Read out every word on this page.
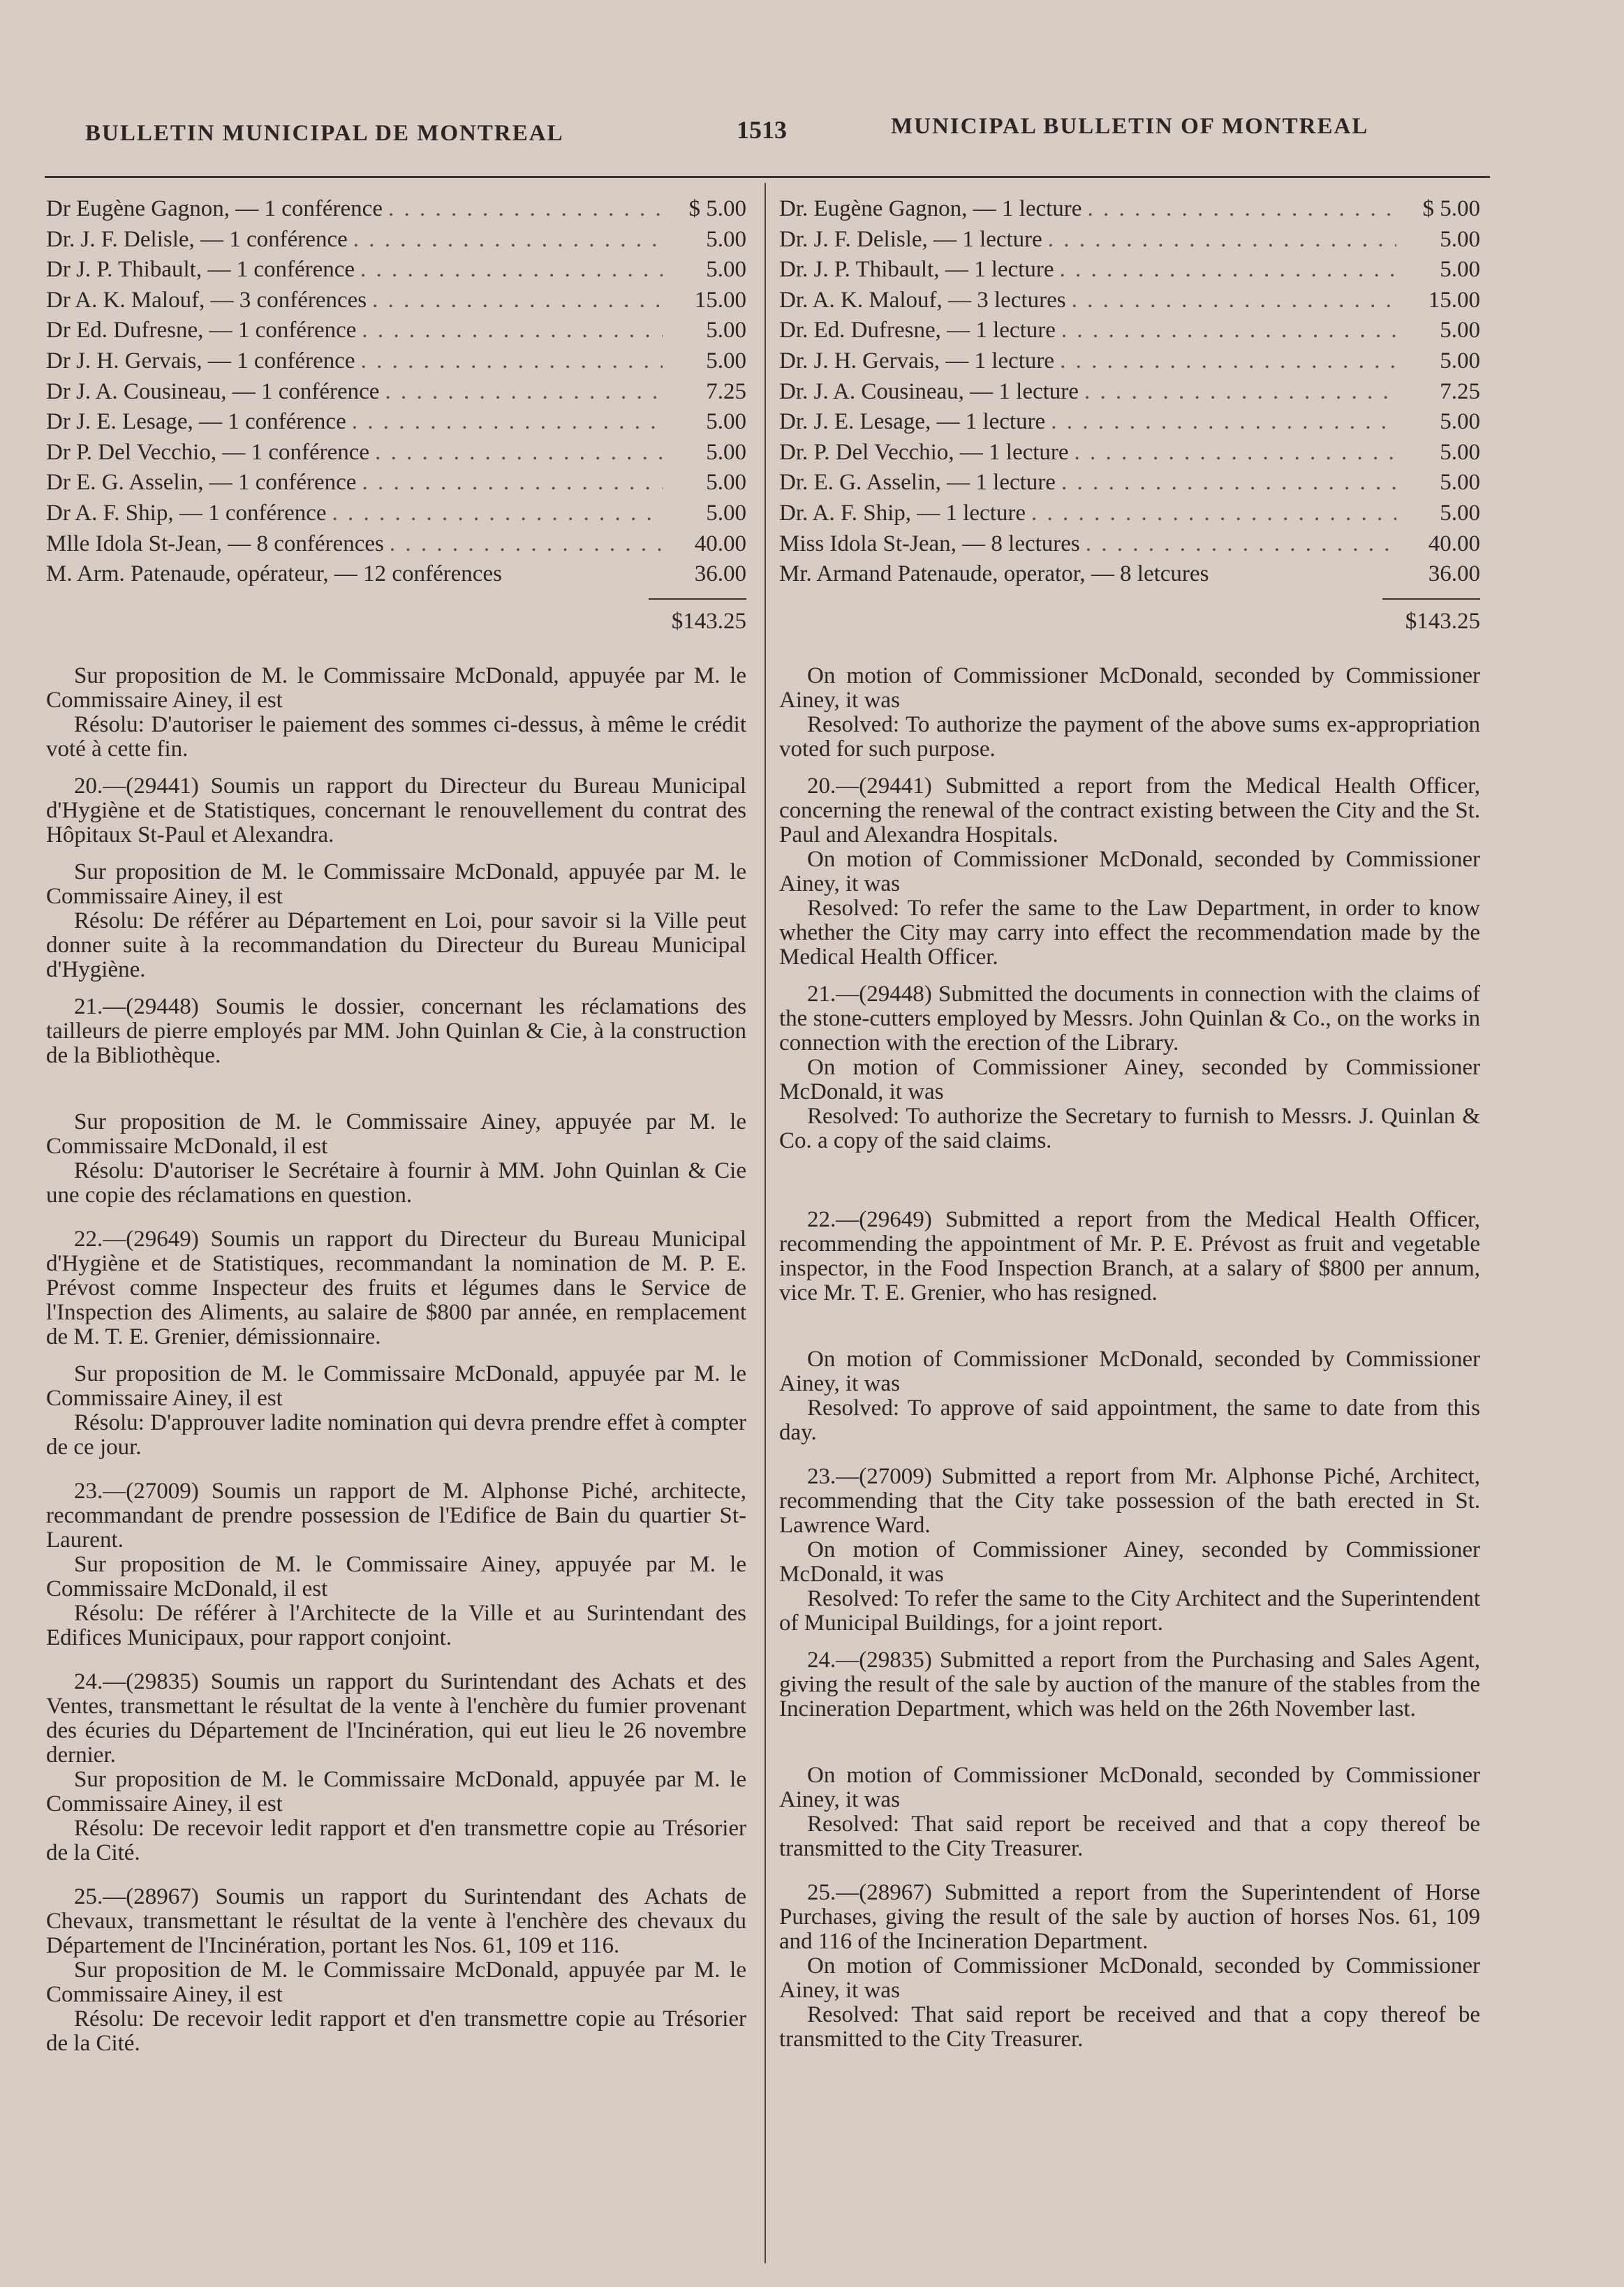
BULLETIN MUNICIPAL DE MONTREAL	1513	MUNICIPAL BULLETIN OF MONTREAL
Dr Eugène Gagnon, — 1 conférence . . .	$ 5.00
Dr. J. F. Delisle, — 1 conférence . . .	5.00
Dr J. P. Thibault, — 1 conférence . . .	5.00
Dr A. K. Malouf, — 3 conférences . . .	15.00
Dr Ed. Dufresne, — 1 conférence . . .	5.00
Dr J. H. Gervais, — 1 conférence . . .	5.00
Dr J. A. Cousineau, — 1 conférence . . .	7.25
Dr J. E. Lesage, — 1 conférence . . .	5.00
Dr P. Del Vecchio, — 1 conférence . . .	5.00
Dr E. G. Asselin, — 1 conférence . . .	5.00
Dr A. F. Ship, — 1 conférence . . .	5.00
Mlle Idola St-Jean, — 8 conférences . . .	40.00
M. Arm. Patenaude, opérateur, — 12 conférences	36.00
$143.25

Sur proposition de M. le Commissaire McDonald, appuyée par M. le Commissaire Ainey, il est

Résolu: D'autoriser le paiement des sommes ci-dessus, à même le crédit voté à cette fin.

20.—(29441) Soumis un rapport du Directeur du Bureau Municipal d'Hygiène et de Statistiques, concernant le renouvellement du contrat des Hôpitaux St-Paul et Alexandra.

Sur proposition de M. le Commissaire McDonald, appuyée par M. le Commissaire Ainey, il est

Résolu: De référer au Département en Loi, pour savoir si la Ville peut donner suite à la recommandation du Directeur du Bureau Municipal d'Hygiène.

21.—(29448) Soumis le dossier, concernant les réclamations des tailleurs de pierre employés par MM. John Quinlan & Cie, à la construction de la Bibliothèque.

Sur proposition de M. le Commissaire Ainey, appuyée par M. le Commissaire McDonald, il est

Résolu: D'autoriser le Secrétaire à fournir à MM. John Quinlan & Cie une copie des réclamations en question.

22.—(29649) Soumis un rapport du Directeur du Bureau Municipal d'Hygiène et de Statistiques, recommandant la nomination de M. P. E. Prévost comme Inspecteur des fruits et légumes dans le Service de l'Inspection des Aliments, au salaire de $800 par année, en remplacement de M. T. E. Grenier, démissionnaire.

Sur proposition de M. le Commissaire McDonald, appuyée par M. le Commissaire Ainey, il est

Résolu: D'approuver ladite nomination qui devra prendre effet à compter de ce jour.

23.—(27009) Soumis un rapport de M. Alphonse Piché, architecte, recommandant de prendre possession de l'Edifice de Bain du quartier St-Laurent.

Sur proposition de M. le Commissaire Ainey, appuyée par M. le Commissaire McDonald, il est

Résolu: De référer à l'Architecte de la Ville et au Surintendant des Edifices Municipaux, pour rapport conjoint.

24.—(29835) Soumis un rapport du Surintendant des Achats et des Ventes, transmettant le résultat de la vente à l'enchère du fumier provenant des écuries du Département de l'Incinération, qui eut lieu le 26 novembre dernier.

Sur proposition de M. le Commissaire McDonald, appuyée par M. le Commissaire Ainey, il est

Résolu: De recevoir ledit rapport et d'en transmettre copie au Trésorier de la Cité.

25.—(28967) Soumis un rapport du Surintendant des Achats de Chevaux, transmettant le résultat de la vente à l'enchère des chevaux du Département de l'Incinération, portant les Nos. 61, 109 et 116.

Sur proposition de M. le Commissaire McDonald, appuyée par M. le Commissaire Ainey, il est

Résolu: De recevoir ledit rapport et d'en transmettre copie au Trésorier de la Cité.

Dr. Eugène Gagnon, — 1 lecture . . .	$ 5.00
Dr. J. F. Delisle, — 1 lecture . . .	5.00
Dr. J. P. Thibault, — 1 lecture . . .	5.00
Dr. A. K. Malouf, — 3 lectures . . .	15.00
Dr. Ed. Dufresne, — 1 lecture . . .	5.00
Dr. J. H. Gervais, — 1 lecture . . .	5.00
Dr. J. A. Cousineau, — 1 lecture . . .	7.25
Dr. J. E. Lesage, — 1 lecture . . .	5.00
Dr. P. Del Vecchio, — 1 lecture . . .	5.00
Dr. E. G. Asselin, — 1 lecture . . .	5.00
Dr. A. F. Ship, — 1 lecture . . .	5.00
Miss Idola St-Jean, — 8 lectures . . .	40.00
Mr. Armand Patenaude, operator, — 8 letcures	36.00
$143.25

On motion of Commissioner McDonald, seconded by Commissioner Ainey, it was

Resolved: To authorize the payment of the above sums ex-appropriation voted for such purpose.

20.—(29441) Submitted a report from the Medical Health Officer, concerning the renewal of the contract existing between the City and the St. Paul and Alexandra Hospitals.

On motion of Commissioner McDonald, seconded by Commissioner Ainey, it was

Resolved: To refer the same to the Law Department, in order to know whether the City may carry into effect the recommendation made by the Medical Health Officer.

21.—(29448) Submitted the documents in connection with the claims of the stone-cutters employed by Messrs. John Quinlan & Co., on the works in connection with the erection of the Library.

On motion of Commissioner Ainey, seconded by Commissioner McDonald, it was

Resolved: To authorize the Secretary to furnish to Messrs. J. Quinlan & Co. a copy of the said claims.

22.—(29649) Submitted a report from the Medical Health Officer, recommending the appointment of Mr. P. E. Prévost as fruit and vegetable inspector, in the Food Inspection Branch, at a salary of $800 per annum, vice Mr. T. E. Grenier, who has resigned.

On motion of Commissioner McDonald, seconded by Commissioner Ainey, it was

Resolved: To approve of said appointment, the same to date from this day.

23.—(27009) Submitted a report from Mr. Alphonse Piché, Architect, recommending that the City take possession of the bath erected in St. Lawrence Ward.

On motion of Commissioner Ainey, seconded by Commissioner McDonald, it was

Resolved: To refer the same to the City Architect and the Superintendent of Municipal Buildings, for a joint report.

24.—(29835) Submitted a report from the Purchasing and Sales Agent, giving the result of the sale by auction of the manure of the stables from the Incineration Department, which was held on the 26th November last.

On motion of Commissioner McDonald, seconded by Commissioner Ainey, it was

Resolved: That said report be received and that a copy thereof be transmitted to the City Treasurer.

25.—(28967) Submitted a report from the Superintendent of Horse Purchases, giving the result of the sale by auction of horses Nos. 61, 109 and 116 of the Incineration Department.

On motion of Commissioner McDonald, seconded by Commissioner Ainey, it was

Resolved: That said report be received and that a copy thereof be transmitted to the City Treasurer.
